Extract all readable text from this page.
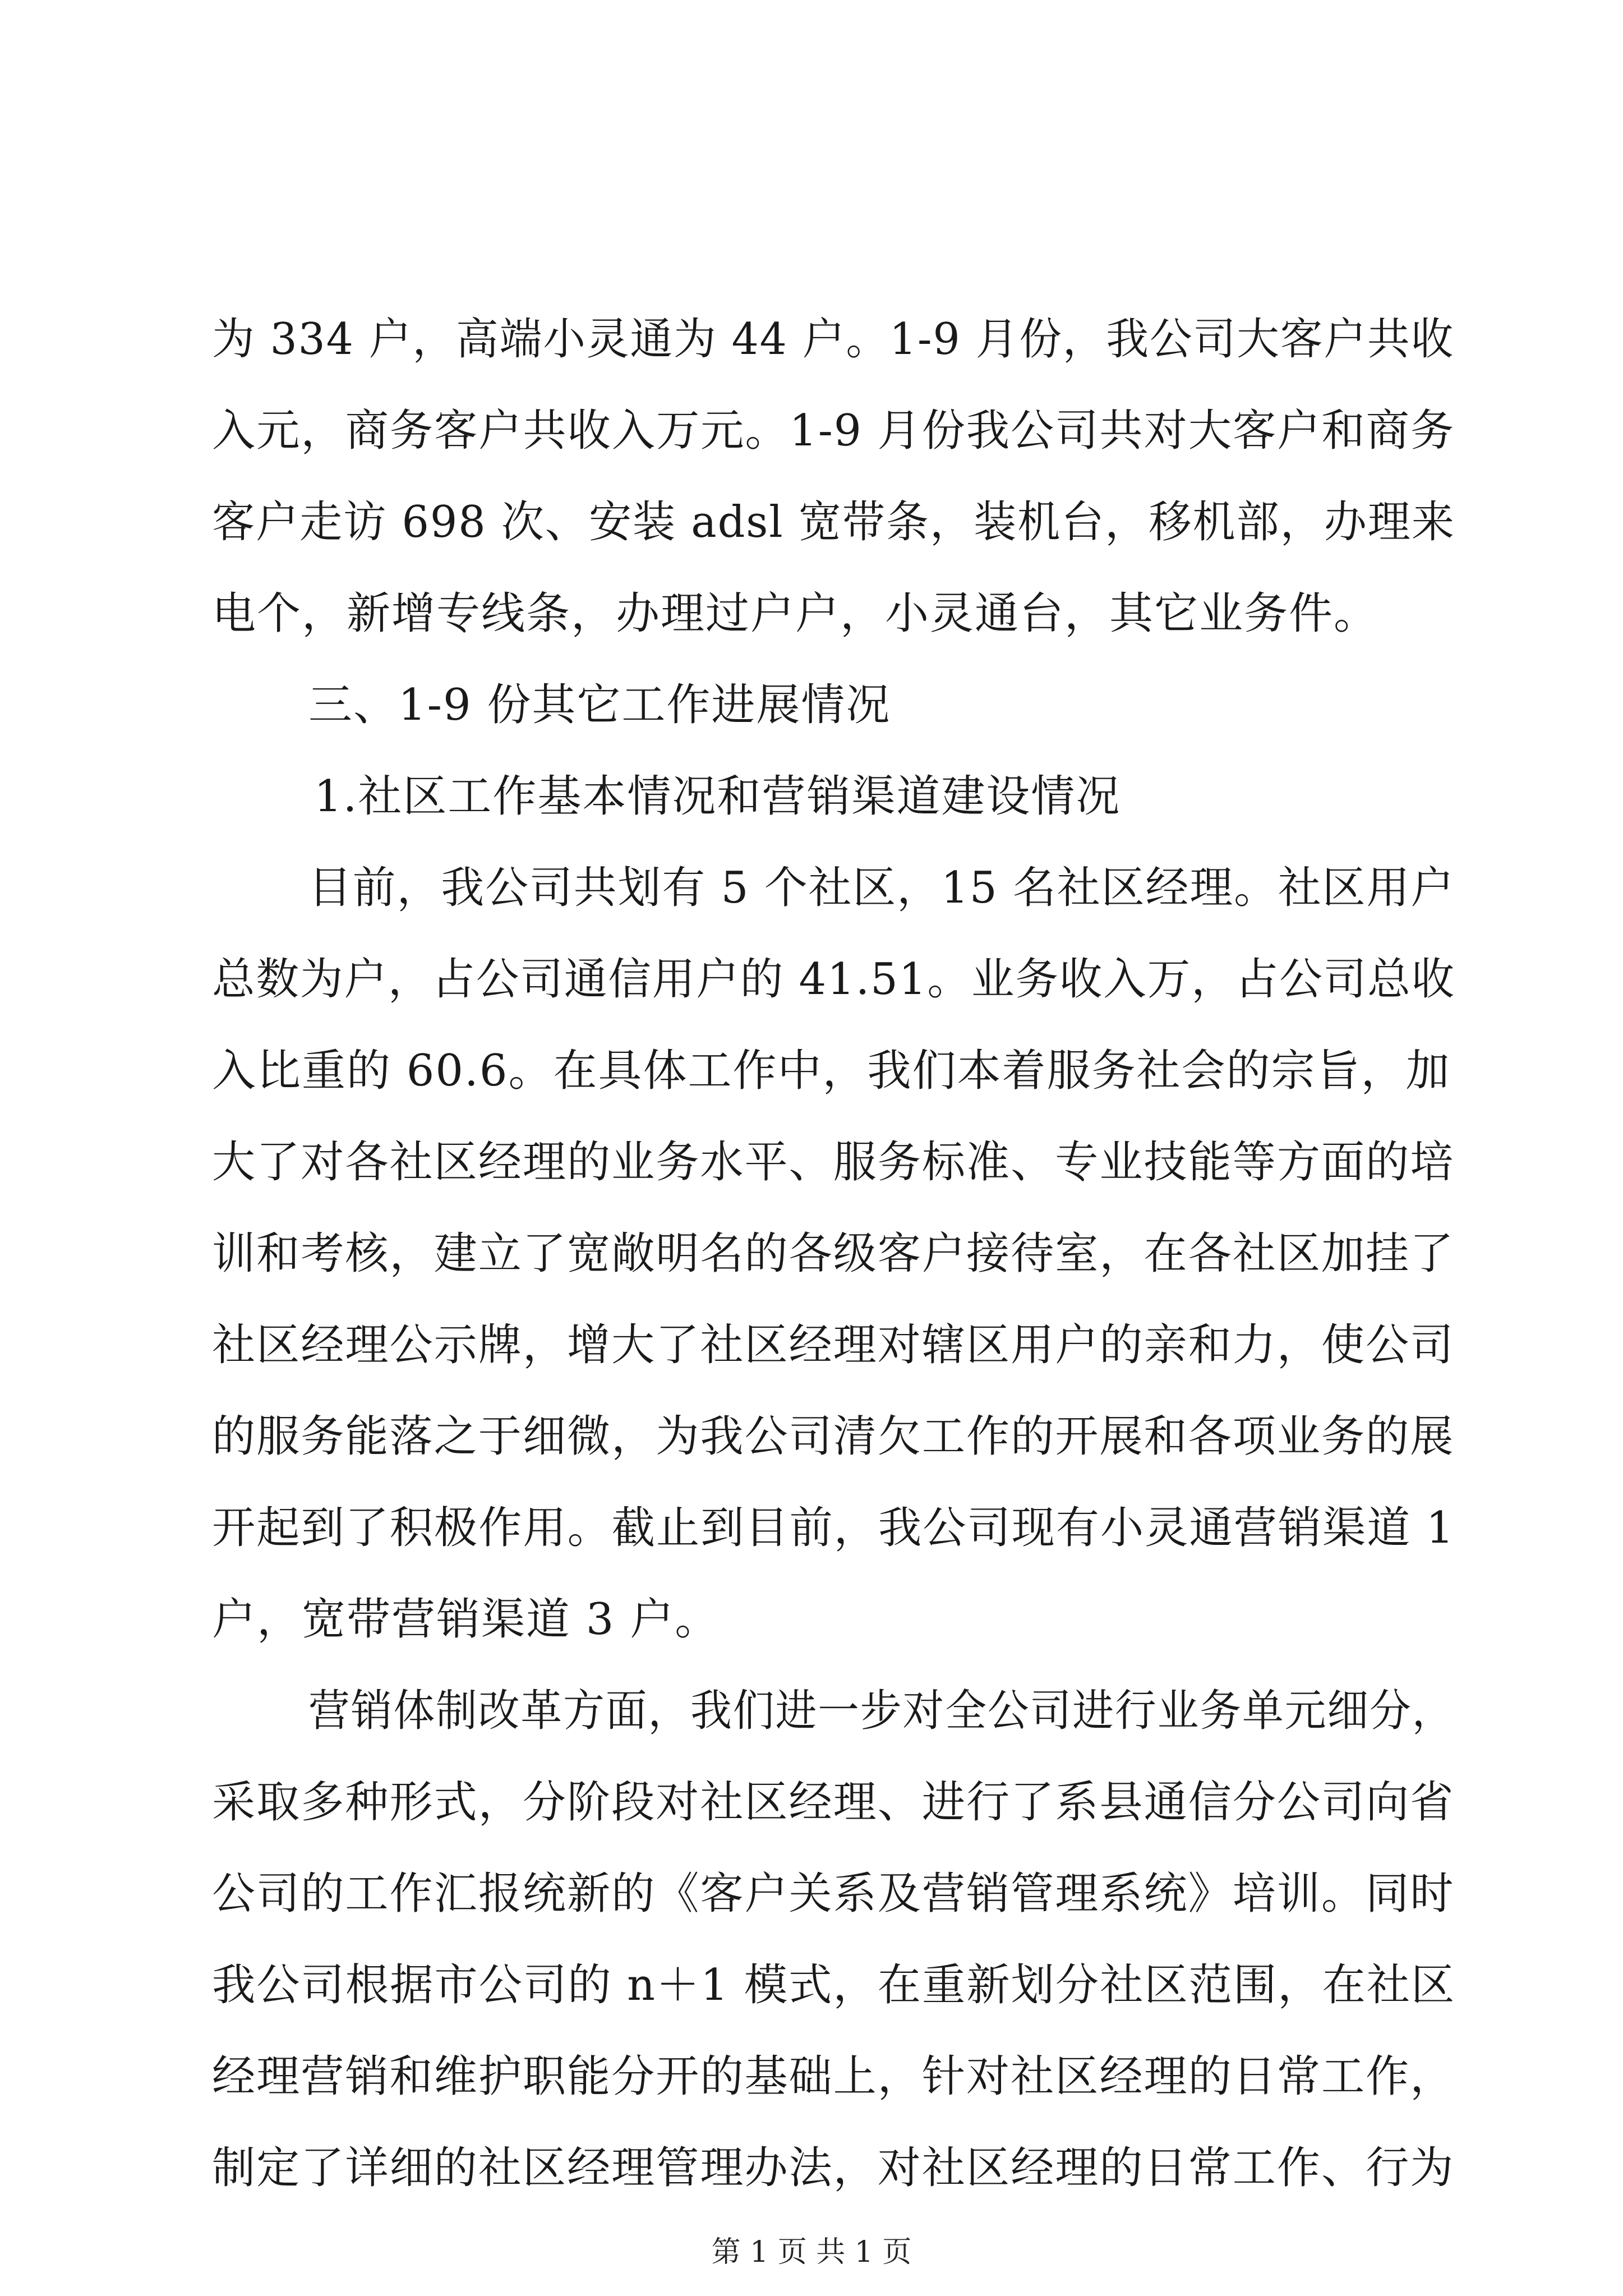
为 334 户，高端小灵通为 44 户。1-9 月份，我公司大客户共收
入元，商务客户共收入万元。1-9 月份我公司共对大客户和商务
客户走访 698 次、安装 adsl 宽带条，装机台，移机部，办理来
电个，新增专线条，办理过户户，小灵通台，其它业务件。
三、1-9 份其它工作进展情况
1.社区工作基本情况和营销渠道建设情况
目前，我公司共划有 5 个社区，15 名社区经理。社区用户
总数为户，占公司通信用户的 41.51。业务收入万，占公司总收
入比重的 60.6。在具体工作中，我们本着服务社会的宗旨，加
大了对各社区经理的业务水平、服务标准、专业技能等方面的培
训和考核，建立了宽敞明名的各级客户接待室，在各社区加挂了
社区经理公示牌，增大了社区经理对辖区用户的亲和力，使公司
的服务能落之于细微，为我公司清欠工作的开展和各项业务的展
开起到了积极作用。截止到目前，我公司现有小灵通营销渠道 1
户，宽带营销渠道 3 户。
营销体制改革方面，我们进一步对全公司进行业务单元细分，
采取多种形式，分阶段对社区经理、进行了系县通信分公司向省
公司的工作汇报统新的《客户关系及营销管理系统》培训。同时
我公司根据市公司的 n＋1 模式，在重新划分社区范围，在社区
经理营销和维护职能分开的基础上，针对社区经理的日常工作，
制定了详细的社区经理管理办法，对社区经理的日常工作、行为
第 1 页 共 1 页
